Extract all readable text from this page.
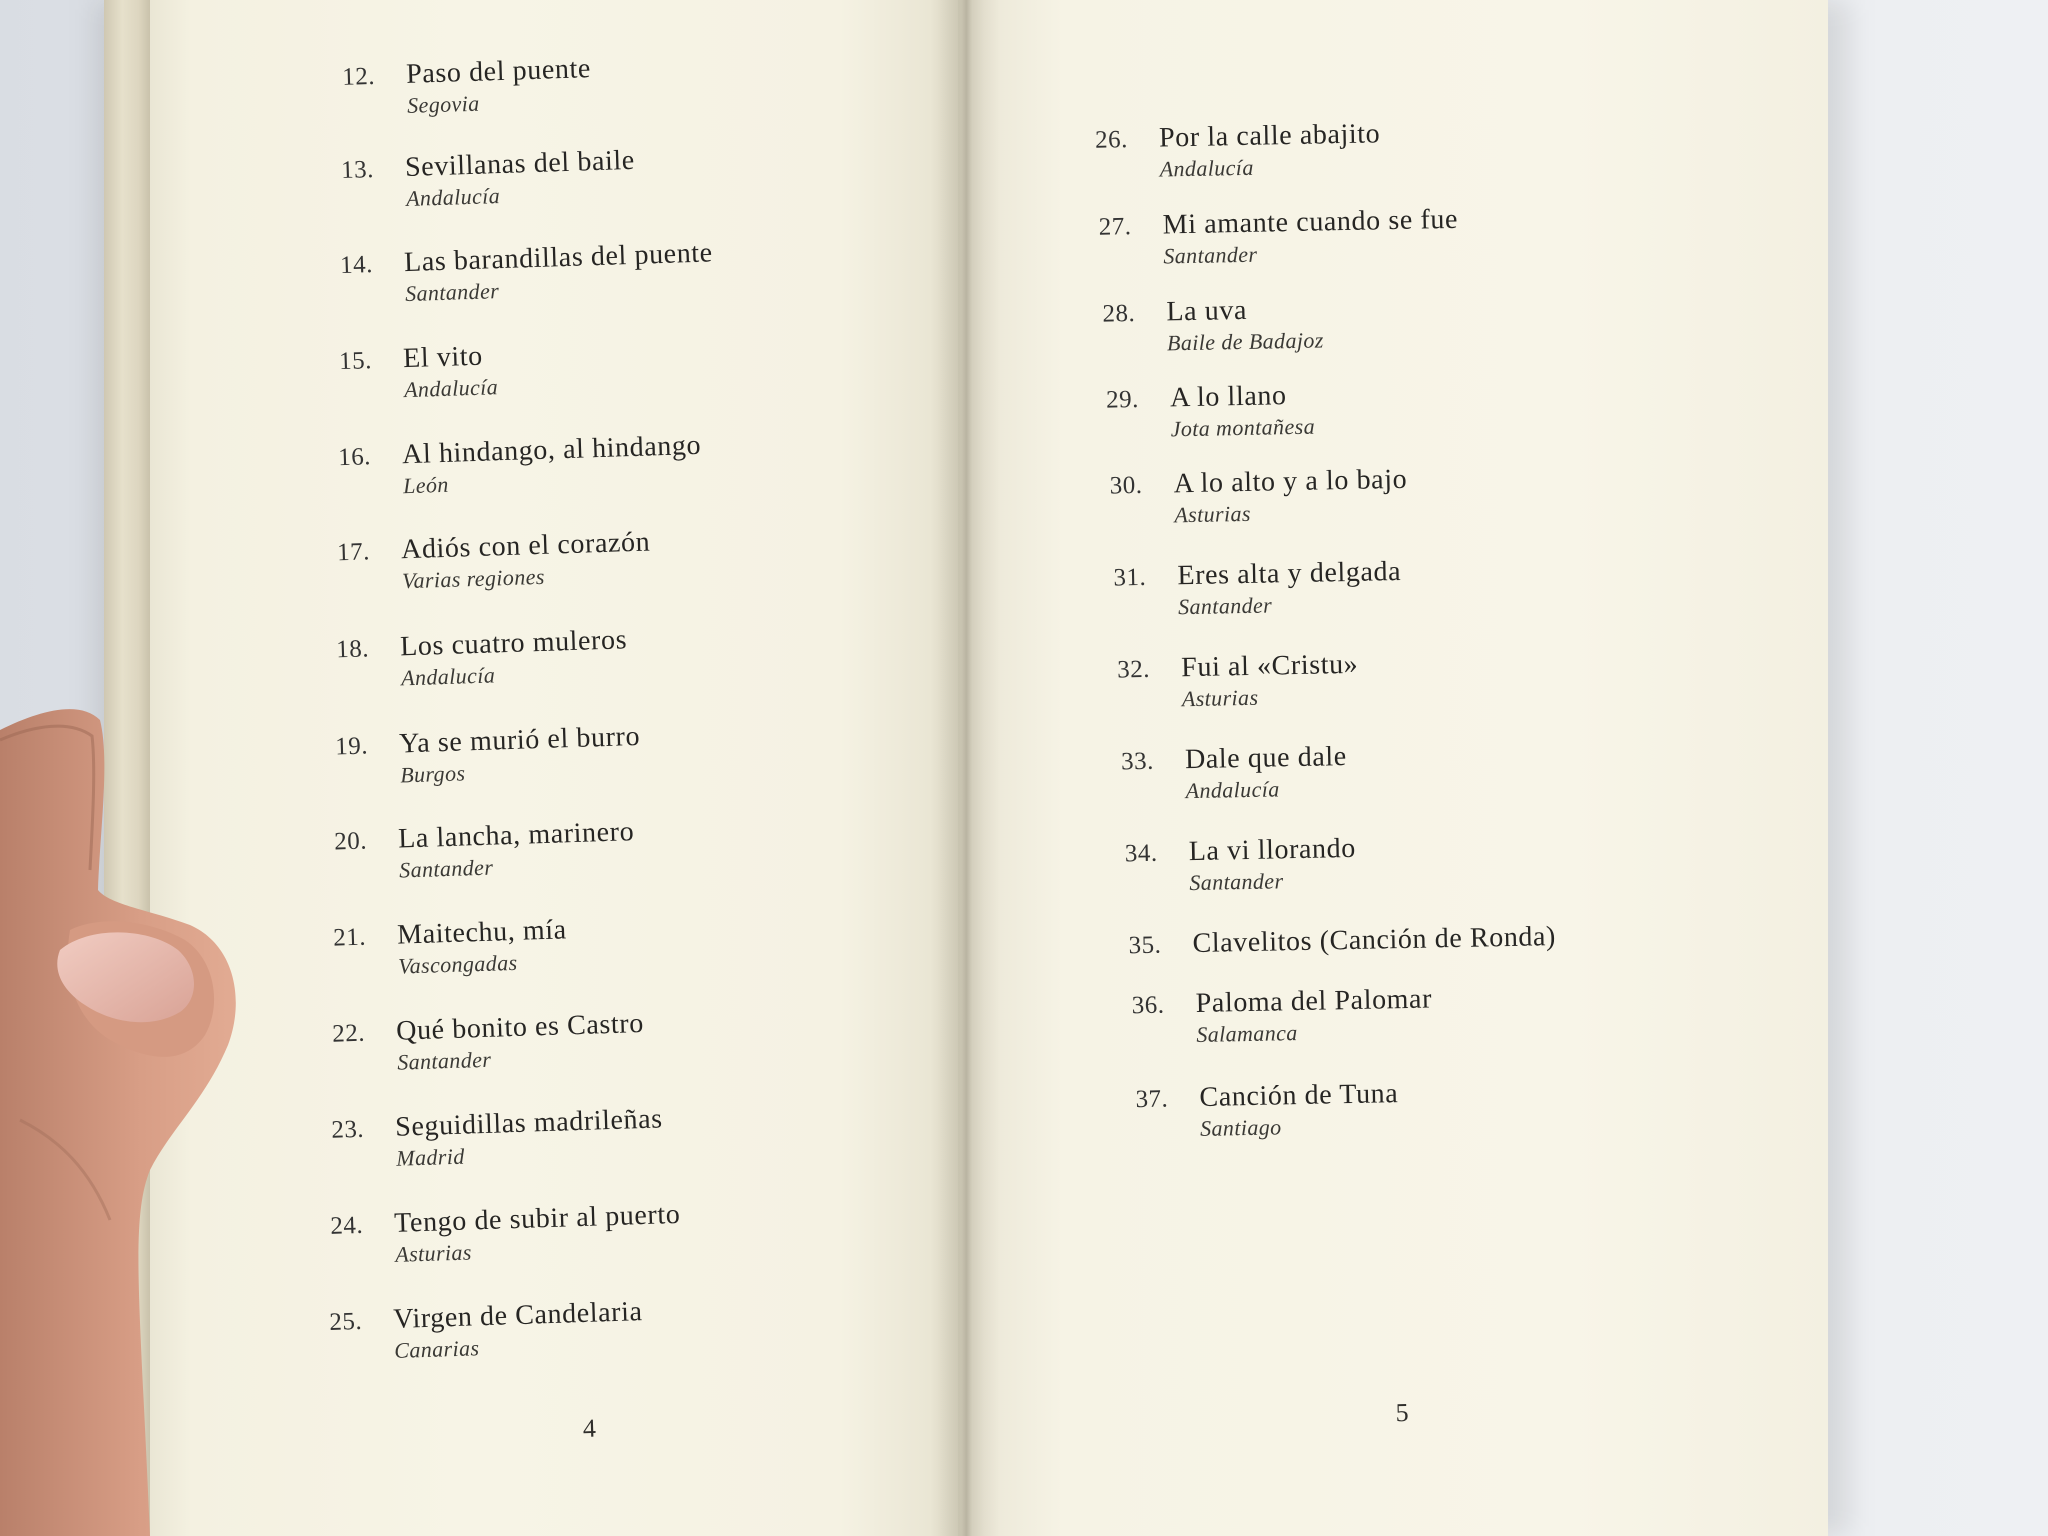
12. Paso del puente
Segovia
13. Sevillanas del baile
Andalucía
14. Las barandillas del puente
Santander
15. El vito
Andalucía
16. Al hindango, al hindango
León
17. Adiós con el corazón
Varias regiones
18. Los cuatro muleros
Andalucía
19. Ya se murió el burro
Burgos
20. La lancha, marinero
Santander
21. Maitechu, mía
Vascongadas
22. Qué bonito es Castro
Santander
23. Seguidillas madrileñas
Madrid
24. Tengo de subir al puerto
Asturias
25. Virgen de Candelaria
Canarias
4
26. Por la calle abajito
Andalucía
27. Mi amante cuando se fue
Santander
28. La uva
Baile de Badajoz
29. A lo llano
Jota montañesa
30. A lo alto y a lo bajo
Asturias
31. Eres alta y delgada
Santander
32. Fui al «Cristu»
Asturias
33. Dale que dale
Andalucía
34. La vi llorando
Santander
35. Clavelitos (Canción de Ronda)
36. Paloma del Palomar
Salamanca
37. Canción de Tuna
Santiago
5
